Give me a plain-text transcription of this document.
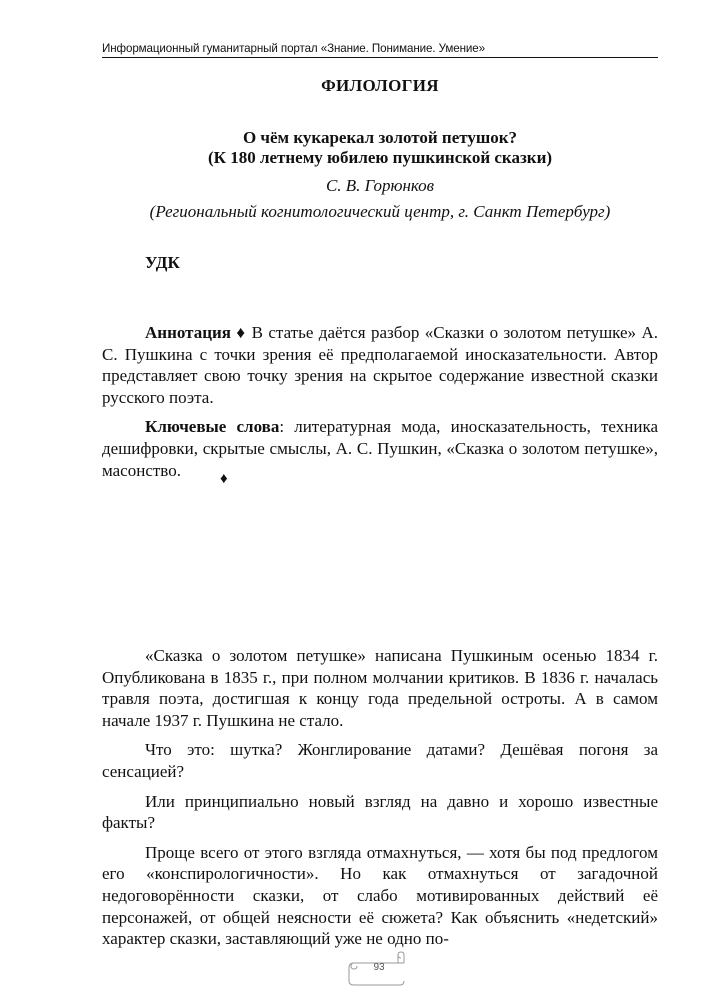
Информационный гуманитарный портал «Знание. Понимание. Умение»
ФИЛОЛОГИЯ
О чём кукарекал золотой петушок?
(К 180 летнему юбилею пушкинской сказки)
С. В. Горюнков
(Региональный когнитологический центр, г. Санкт Петербург)
УДК

Аннотация ♦ В статье даётся разбор «Сказки о золотом петушке» А. С. Пушкина с точки зрения её предполагаемой иносказательности. Автор представляет свою точку зрения на скрытое содержание известной сказки русского поэта.

Ключевые слова: литературная мода, иносказательность, техника дешифровки, скрытые смыслы, А. С. Пушкин, «Сказка о золотом петушке», масонство.	♦

«Сказка о золотом петушке» написана Пушкиным осенью 1834 г. Опубликована в 1835 г., при полном молчании критиков. В 1836 г. началась травля поэта, достигшая к концу года предельной остроты. А в самом начале 1937 г. Пушкина не стало.

Что это: шутка? Жонглирование датами? Дешёвая погоня за сенсацией?

Или принципиально новый взгляд на давно и хорошо известные факты?

Проще всего от этого взгляда отмахнуться, — хотя бы под предлогом его «конспирологичности». Но как отмахнуться от загадочной недоговорённости сказки, от слабо мотивированных действий её персонажей, от общей неясности её сюжета? Как объяснить «недетский» характер сказки, заставляющий уже не одно по-

93
